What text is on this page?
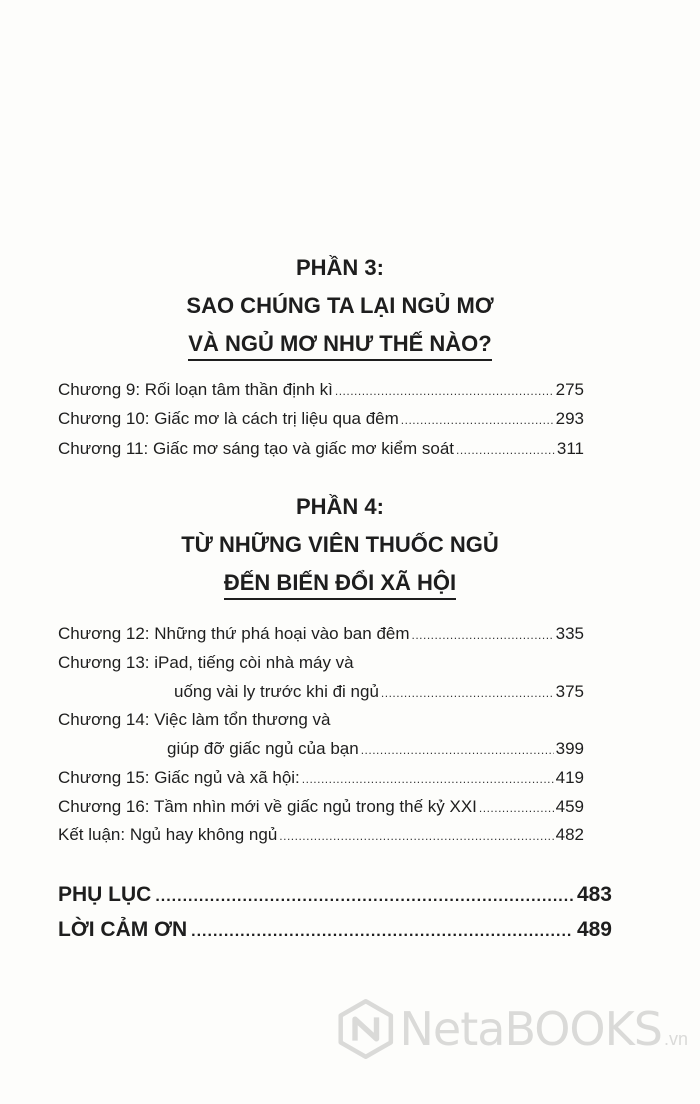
PHẦN 3:
SAO CHÚNG TA LẠI NGỦ MƠ
VÀ NGỦ MƠ NHƯ THẾ NÀO?
Chương 9: Rối loạn tâm thần định kì .....	275
Chương 10: Giấc mơ là cách trị liệu qua đêm .....	293
Chương 11: Giấc mơ sáng tạo và giấc mơ kiểm soát .....	311
PHẦN 4:
TỪ NHỮNG VIÊN THUỐC NGỦ
ĐẾN BIẾN ĐỔI XÃ HỘI
Chương 12: Những thứ phá hoại vào ban đêm .....	335
Chương 13: iPad, tiếng còi nhà máy và
uống vài ly trước khi đi ngủ .....	375
Chương 14: Việc làm tổn thương và
giúp đỡ giấc ngủ của bạn .....	399
Chương 15: Giấc ngủ và xã hội: .....	419
Chương 16: Tầm nhìn mới về giấc ngủ trong thế kỷ XXI .....	459
Kết luận: Ngủ hay không ngủ .....	482
PHỤ LỤC .....	483
LỜI CẢM ƠN .....	489
NetaBOOKS .vn
